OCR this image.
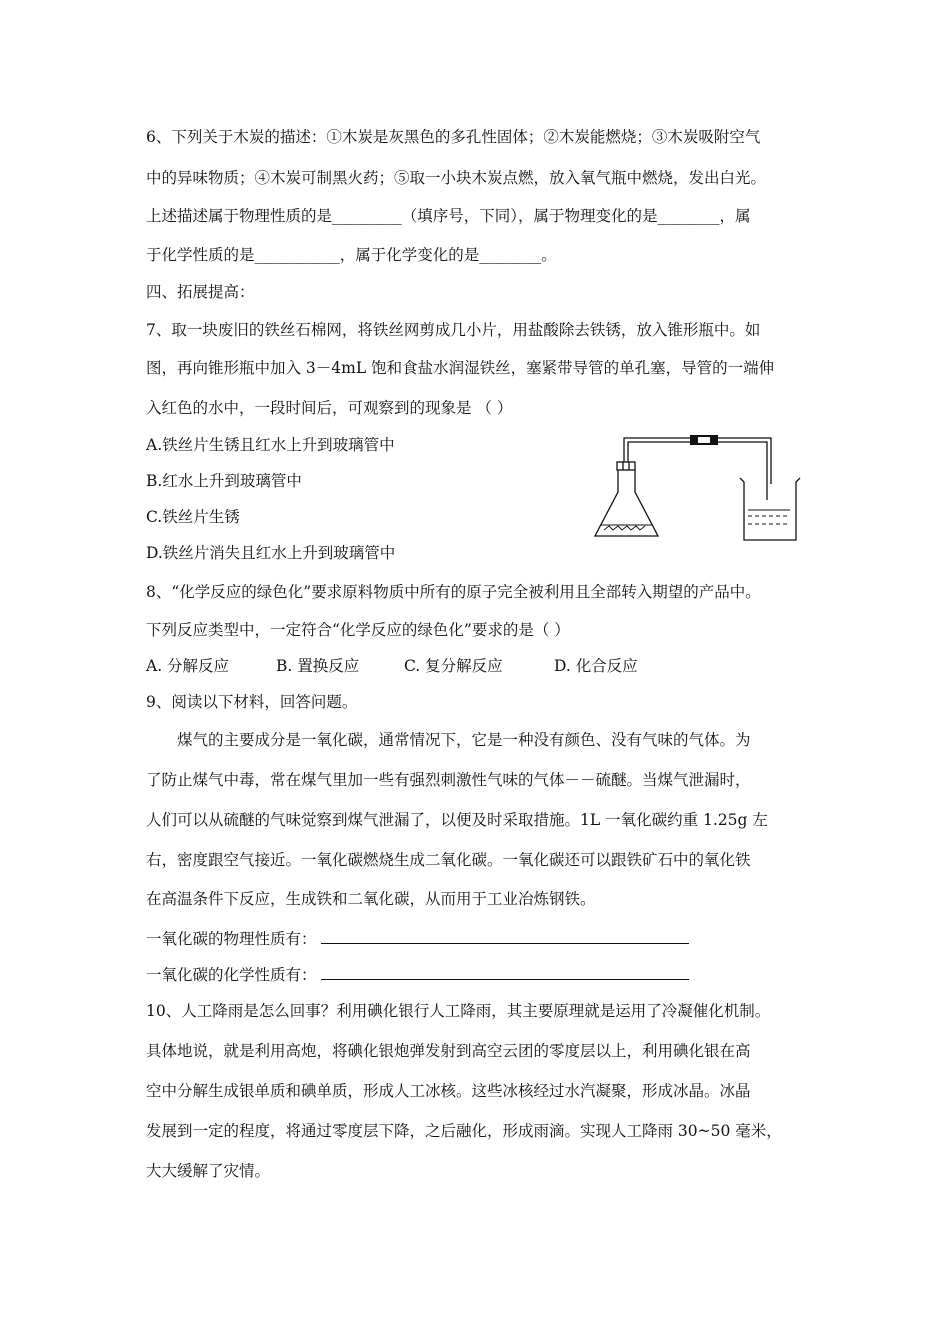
6、下列关于木炭的描述：①木炭是灰黑色的多孔性固体；②木炭能燃烧；③木炭吸附空气
中的异味物质；④木炭可制黑火药；⑤取一小块木炭点燃，放入氧气瓶中燃烧，发出白光。
上述描述属于物理性质的是_________（填序号，下同），属于物理变化的是________，属
于化学性质的是___________，属于化学变化的是________。
四、拓展提高：
7、取一块废旧的铁丝石棉网，将铁丝网剪成几小片，用盐酸除去铁锈，放入锥形瓶中。如
图，再向锥形瓶中加入 3－4mL 饱和食盐水润湿铁丝，塞紧带导管的单孔塞，导管的一端伸
入红色的水中，一段时间后，可观察到的现象是 （ ）
A.铁丝片生锈且红水上升到玻璃管中
B.红水上升到玻璃管中
C.铁丝片生锈
D.铁丝片消失且红水上升到玻璃管中
8、“化学反应的绿色化”要求原料物质中所有的原子完全被利用且全部转入期望的产品中。
下列反应类型中，一定符合“化学反应的绿色化”要求的是（ ）
A. 分解反应	B. 置换反应	C. 复分解反应	D. 化合反应
9、阅读以下材料，回答问题。
煤气的主要成分是一氧化碳，通常情况下，它是一种没有颜色、没有气味的气体。为
了防止煤气中毒，常在煤气里加一些有强烈刺激性气味的气体－－硫醚。当煤气泄漏时，
人们可以从硫醚的气味觉察到煤气泄漏了，以便及时采取措施。1L 一氧化碳约重 1.25g 左
右，密度跟空气接近。一氧化碳燃烧生成二氧化碳。一氧化碳还可以跟铁矿石中的氧化铁
在高温条件下反应，生成铁和二氧化碳，从而用于工业冶炼钢铁。
一氧化碳的物理性质有：
一氧化碳的化学性质有：
10、人工降雨是怎么回事？利用碘化银行人工降雨，其主要原理就是运用了冷凝催化机制。
具体地说，就是利用高炮，将碘化银炮弹发射到高空云团的零度层以上，利用碘化银在高
空中分解生成银单质和碘单质，形成人工冰核。这些冰核经过水汽凝聚，形成冰晶。冰晶
发展到一定的程度，将通过零度层下降，之后融化，形成雨滴。实现人工降雨 30~50 毫米，
大大缓解了灾情。
